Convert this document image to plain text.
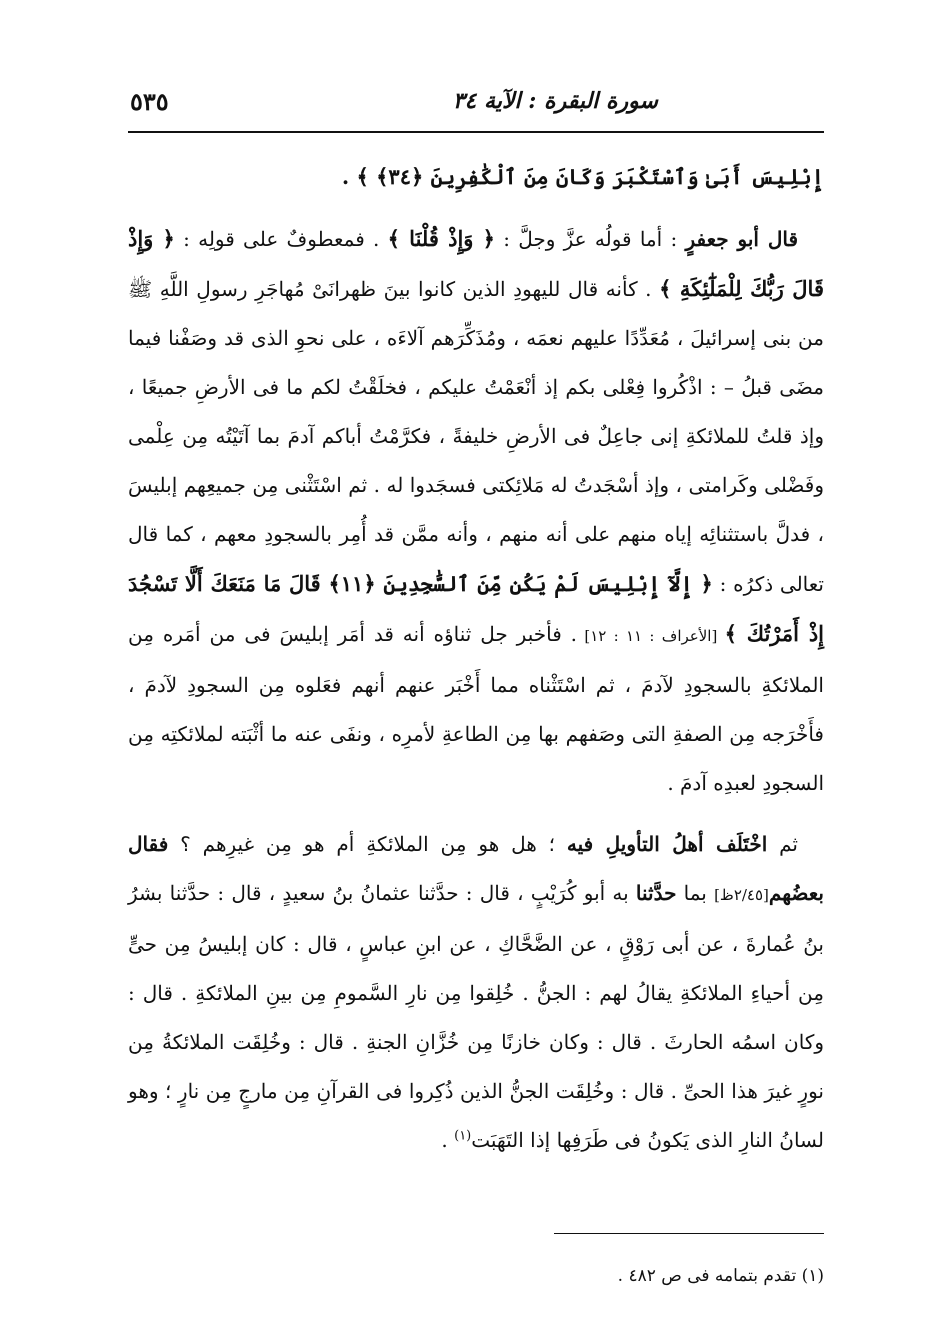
٥٣٥	سورة البقرة : الآية ٣٤

إِبْلِيسَ أَبَىٰ وَٱسْتَكْبَرَ وَكَانَ مِنَ ٱلْكَٰفِرِينَ ﴿٣٤﴾ ﴾ .

قال أبو جعفرٍ : أما قولُه عزَّ وجلَّ : ﴿ وَإِذْ قُلْنَا ﴾ . فمعطوفٌ على قولِه : ﴿ وَإِذْ قَالَ رَبُّكَ لِلْمَلَٰٓئِكَةِ ﴾ . كأنه قال لليهودِ الذين كانوا بينَ ظهرانَىْ مُهاجَرِ رسولِ اللَّهِ ﷺ من بنى إسرائيلَ ، مُعَدِّدًا عليهم نعمَه ، ومُذَكِّرَهم آلاءَه ، على نحوِ الذى قد وصَفْنا فيما مضَى قبلُ – : اذْكُروا فِعْلى بكم إذ أنْعَمْتُ عليكم ، فخلَقْتُ لكم ما فى الأرضِ جميعًا ، وإذ قلتُ للملائكةِ إنى جاعِلٌ فى الأرضِ خليفةً ، فكرَّمْتُ أباكم آدمَ بما آتَيْتُه مِن عِلْمى وفَضْلى وكَرامتى ، وإذ أسْجَدتُ له مَلائِكتى فسجَدوا له . ثم اسْتَثْنى مِن جميعِهم إبليسَ ، فدلَّ باستثنائِه إياه منهم على أنه منهم ، وأنه ممَّن قد أُمِر بالسجودِ معهم ، كما قال تعالى ذكرُه : ﴿ إِلَّآ إِبْلِيسَ لَمْ يَكُن مِّنَ ٱلسَّٰجِدِينَ ﴿١١﴾ قَالَ مَا مَنَعَكَ أَلَّا تَسْجُدَ إِذْ أَمَرْتُكَ ﴾ [الأعراف : ١١ : ١٢] . فأخبر جل ثناؤه أنه قد أمَر إبليسَ فى من أمَره مِن الملائكةِ بالسجودِ لآدمَ ، ثم اسْتَثْناه مما أَخْبَر عنهم أنهم فعَلوه مِن السجودِ لآدمَ ، فأَخْرَجه مِن الصفةِ التى وصَفهم بها مِن الطاعةِ لأمرِه ، ونفَى عنه ما أثْبَته لملائكتِه مِن السجودِ لعبدِه آدمَ .

ثم اخْتَلَف أهلُ التأويلِ فيه ؛ هل هو مِن الملائكةِ أم هو مِن غيرِهم ؟ فقال بعضُهم[٢/٤٥ظ] بما حدَّثنا به أبو كُرَيْبٍ ، قال : حدَّثنا عثمانُ بنُ سعيدٍ ، قال : حدَّثنا بشرُ بنُ عُمارةَ ، عن أبى رَوْقٍ ، عن الضَّحَّاكِ ، عن ابنِ عباسٍ ، قال : كان إبليسُ مِن حىٍّ مِن أحياءِ الملائكةِ يقالُ لهم : الجنُّ . خُلِقوا مِن نارِ السَّمومِ مِن بينِ الملائكةِ . قال : وكان اسمُه الحارثَ . قال : وكان خازنًا مِن خُزَّانِ الجنةِ . قال : وخُلِقَت الملائكةُ مِن نورٍ غيرَ هذا الحىِّ . قال : وخُلِقَت الجنُّ الذين ذُكِروا فى القرآنِ مِن مارجٍ مِن نارٍ ؛ وهو لسانُ النارِ الذى يَكونُ فى طَرَفِها إذا التَهَبَت$^{(١)}$ .

(١) تقدم بتمامه فى ص ٤٨٢ .
